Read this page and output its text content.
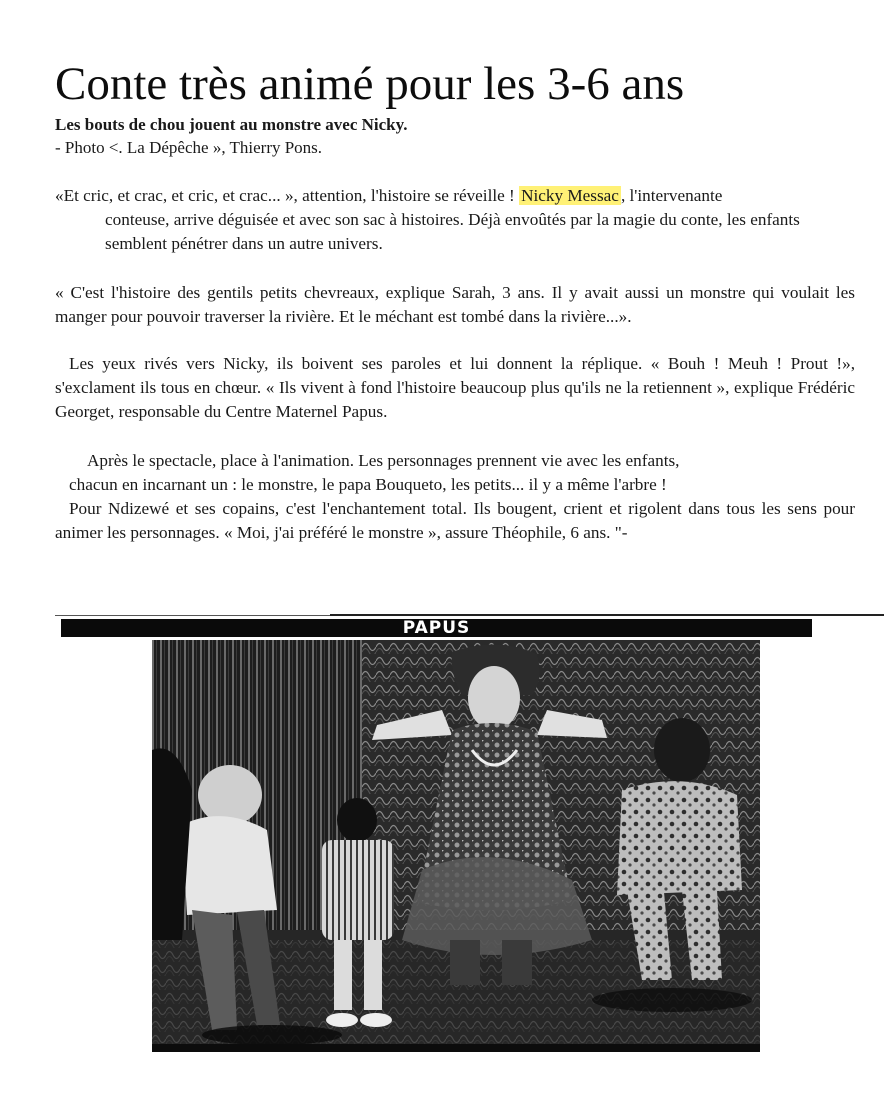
Conte très animé pour les 3-6 ans
Les bouts de chou jouent au monstre avec Nicky.
- Photo <. La Dépêche », Thierry Pons.
«Et cric, et crac, et cric, et crac... », attention, l'histoire se réveille ! Nicky Messac , l'intervenante
conteuse, arrive déguisée et avec son sac à histoires. Déjà envoûtés par la magie du conte, les enfants semblent pénétrer dans un autre univers.

« C'est l'histoire des gentils petits chevreaux, explique Sarah, 3 ans. Il y avait aussi un monstre qui voulait les manger pour pouvoir traverser la rivière. Et le méchant est tombé dans la rivière...».

Les yeux rivés vers Nicky, ils boivent ses paroles et lui donnent la réplique. « Bouh ! Meuh ! Prout !», s'exclament ils tous en chœur. « Ils vivent à fond l'histoire beaucoup plus qu'ils ne la retiennent », explique Frédéric Georget, responsable du Centre Maternel Papus.

Après le spectacle, place à l'animation. Les personnages prennent vie avec les enfants,
chacun en incarnant un : le monstre, le papa Bouqueto, les petits... il y a même l'arbre !

Pour Ndizewé et ses copains, c'est l'enchantement total. Ils bougent, crient et rigolent dans tous les sens pour animer les personnages. « Moi, j'ai préféré le monstre », assure Théophile, 6 ans. "-

PAPUS
